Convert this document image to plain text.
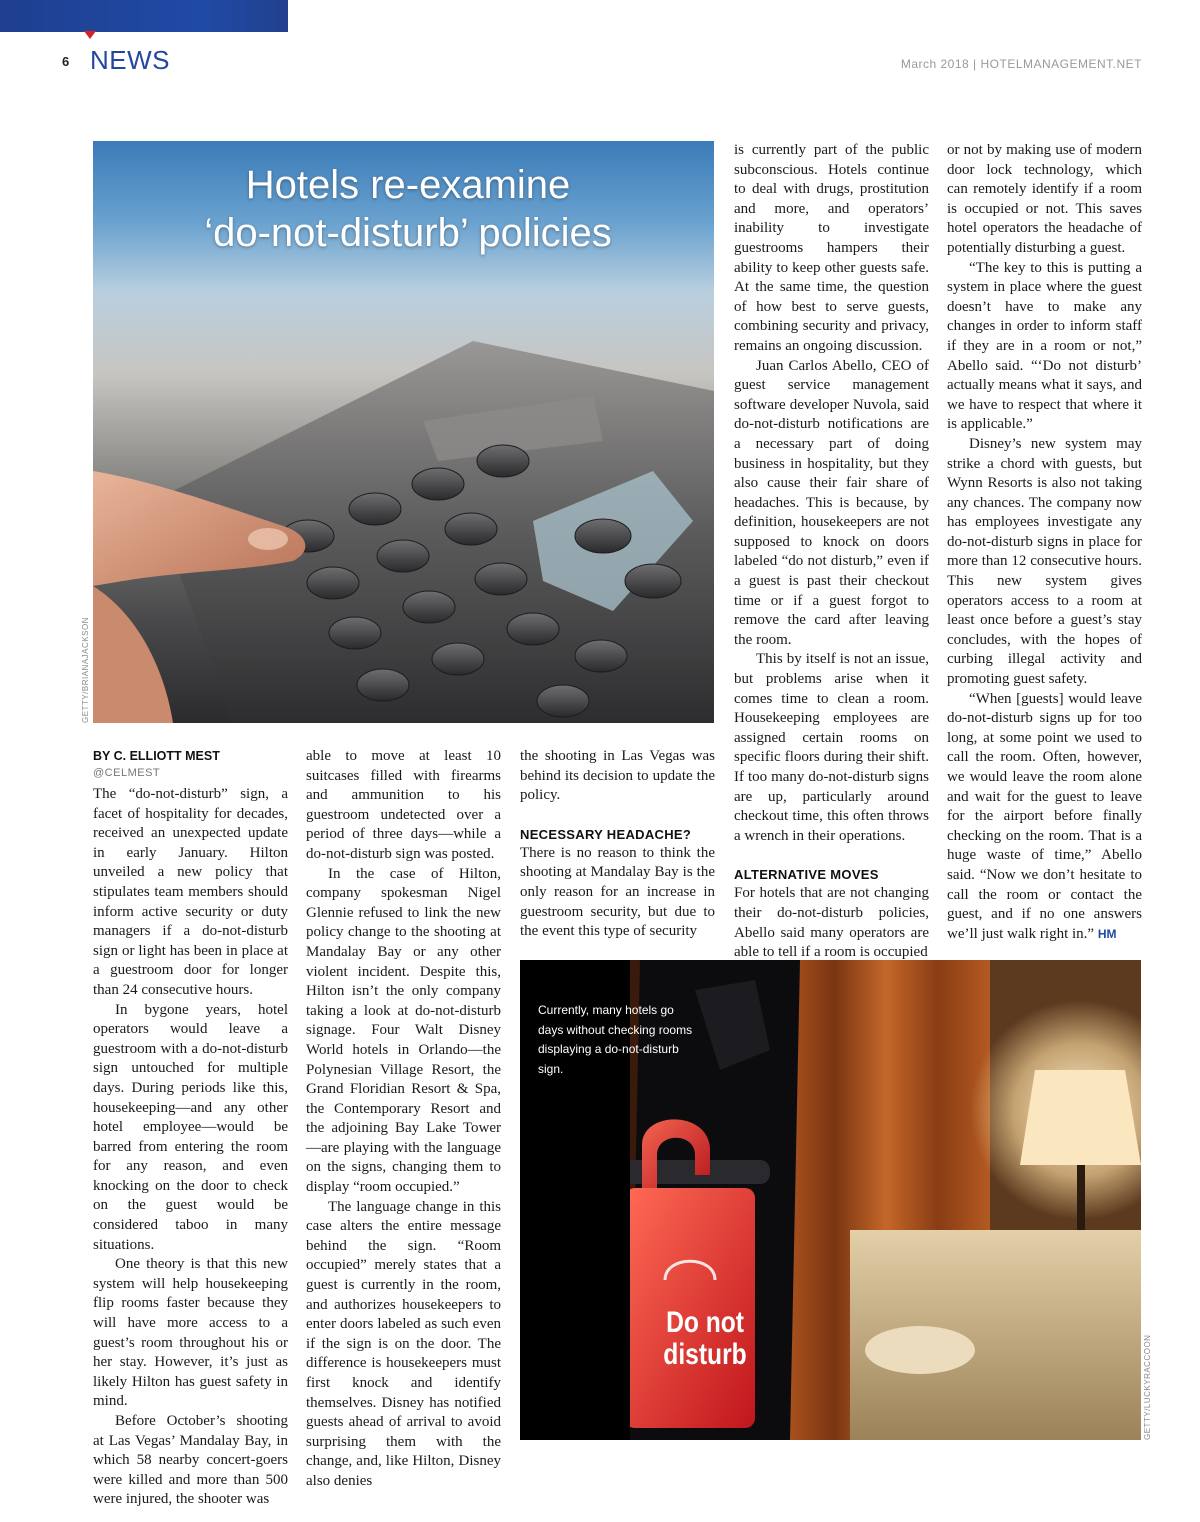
6 NEWS	March 2018 | HOTELMANAGEMENT.NET
Hotels re-examine
‘do-not-disturb’ policies
GETTY/BRIANAJACKSON
BY C. ELLIOTT MEST
@CELMEST

The “do-not-disturb” sign, a facet of hospitality for decades, received an unexpected update in early January. Hilton unveiled a new policy that stipulates team members should inform active security or duty managers if a do-not-disturb sign or light has been in place at a guestroom door for longer than 24 consecutive hours.

In bygone years, hotel operators would leave a guestroom with a do-not-disturb sign untouched for multiple days. During periods like this, housekeeping—and any other hotel employee—would be barred from entering the room for any reason, and even knocking on the door to check on the guest would be considered taboo in many situations.

One theory is that this new system will help housekeeping flip rooms faster because they will have more access to a guest’s room throughout his or her stay. However, it’s just as likely Hilton has guest safety in mind.

Before October’s shooting at Las Vegas’ Mandalay Bay, in which 58 nearby concert-goers were killed and more than 500 were injured, the shooter was

able to move at least 10 suitcases filled with firearms and ammunition to his guestroom undetected over a period of three days—while a do-not-disturb sign was posted.

In the case of Hilton, company spokesman Nigel Glennie refused to link the new policy change to the shooting at Mandalay Bay or any other violent incident. Despite this, Hilton isn’t the only company taking a look at do-not-disturb signage. Four Walt Disney World hotels in Orlando—the Polynesian Village Resort, the Grand Floridian Resort & Spa, the Contemporary Resort and the adjoining Bay Lake Tower—are playing with the language on the signs, changing them to display “room occupied.”

The language change in this case alters the entire message behind the sign. “Room occupied” merely states that a guest is currently in the room, and authorizes housekeepers to enter doors labeled as such even if the sign is on the door. The difference is housekeepers must first knock and identify themselves. Disney has notified guests ahead of arrival to avoid surprising them with the change, and, like Hilton, Disney also denies

the shooting in Las Vegas was behind its decision to update the policy.

NECESSARY HEADACHE?

There is no reason to think the shooting at Mandalay Bay is the only reason for an increase in guestroom security, but due to the event this type of security

is currently part of the public subconscious. Hotels continue to deal with drugs, prostitution and more, and operators’ inability to investigate guestrooms hampers their ability to keep other guests safe. At the same time, the question of how best to serve guests, combining security and privacy, remains an ongoing discussion.

Juan Carlos Abello, CEO of guest service management software developer Nuvola, said do-not-disturb notifications are a necessary part of doing business in hospitality, but they also cause their fair share of headaches. This is because, by definition, housekeepers are not supposed to knock on doors labeled “do not disturb,” even if a guest is past their checkout time or if a guest forgot to remove the card after leaving the room.

This by itself is not an issue, but problems arise when it comes time to clean a room. Housekeeping employees are assigned certain rooms on specific floors during their shift. If too many do-not-disturb signs are up, particularly around checkout time, this often throws a wrench in their operations.

ALTERNATIVE MOVES

For hotels that are not changing their do-not-disturb policies, Abello said many operators are able to tell if a room is occupied

or not by making use of modern door lock technology, which can remotely identify if a room is occupied or not. This saves hotel operators the headache of potentially disturbing a guest.

“The key to this is putting a system in place where the guest doesn’t have to make any changes in order to inform staff if they are in a room or not,” Abello said. “‘Do not disturb’ actually means what it says, and we have to respect that where it is applicable.”

Disney’s new system may strike a chord with guests, but Wynn Resorts is also not taking any chances. The company now has employees investigate any do-not-disturb signs in place for more than 12 consecutive hours. This new system gives operators access to a room at least once before a guest’s stay concludes, with the hopes of curbing illegal activity and promoting guest safety.

“When [guests] would leave do-not-disturb signs up for too long, at some point we used to call the room. Often, however, we would leave the room alone and wait for the guest to leave for the airport before finally checking on the room. That is a huge waste of time,” Abello said. “Now we don’t hesitate to call the room or contact the guest, and if no one answers we’ll just walk right in.” HM

Currently, many hotels go days without checking rooms displaying a do-not-disturb sign.
Do not
disturb	GETTY/LUCKYRACCOON
